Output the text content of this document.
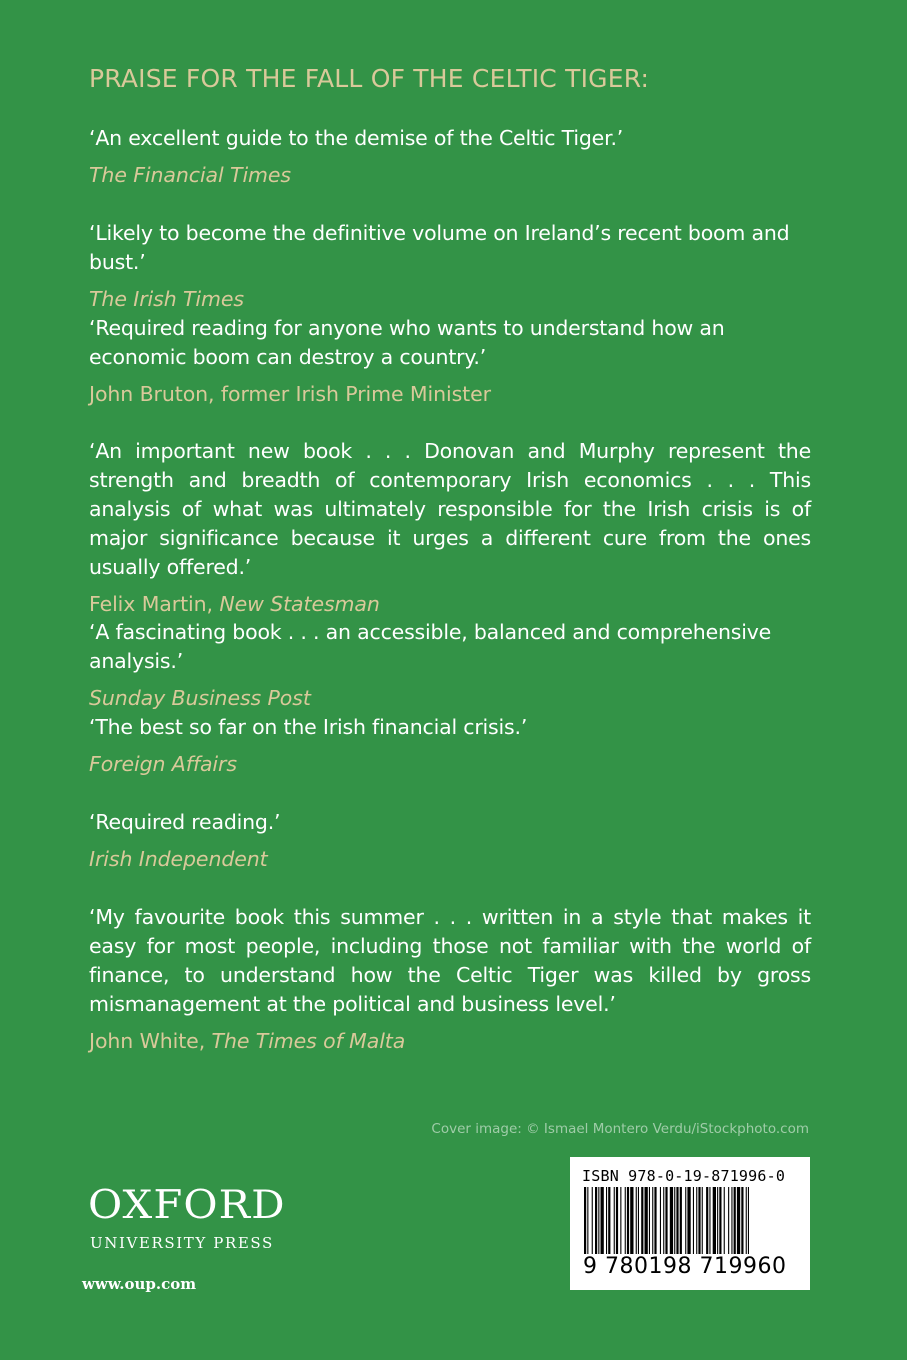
PRAISE FOR THE FALL OF THE CELTIC TIGER:

‘An excellent guide to the demise of the Celtic Tiger.’

The Financial Times

‘Likely to become the definitive volume on Ireland’s recent boom and bust.’

The Irish Times

‘Required reading for anyone who wants to understand how an economic boom can destroy a country.’

John Bruton, former Irish Prime Minister

‘An important new book . . . Donovan and Murphy represent the strength and breadth of contemporary Irish economics . . . This analysis of what was ultimately responsible for the Irish crisis is of major significance because it urges a different cure from the ones usually offered.’

Felix Martin, New Statesman

‘A fascinating book . . . an accessible, balanced and comprehensive analysis.’

Sunday Business Post

‘The best so far on the Irish financial crisis.’

Foreign Affairs

‘Required reading.’

Irish Independent

‘My favourite book this summer . . . written in a style that makes it easy for most people, including those not familiar with the world of finance, to understand how the Celtic Tiger was killed by gross mismanagement at the political and business level.’

John White, The Times of Malta

Cover image: © Ismael Montero Verdu/iStockphoto.com
OXFORD
UNIVERSITY PRESS
www.oup.com
ISBN 978-0-19-871996-0
9 780198 719960
